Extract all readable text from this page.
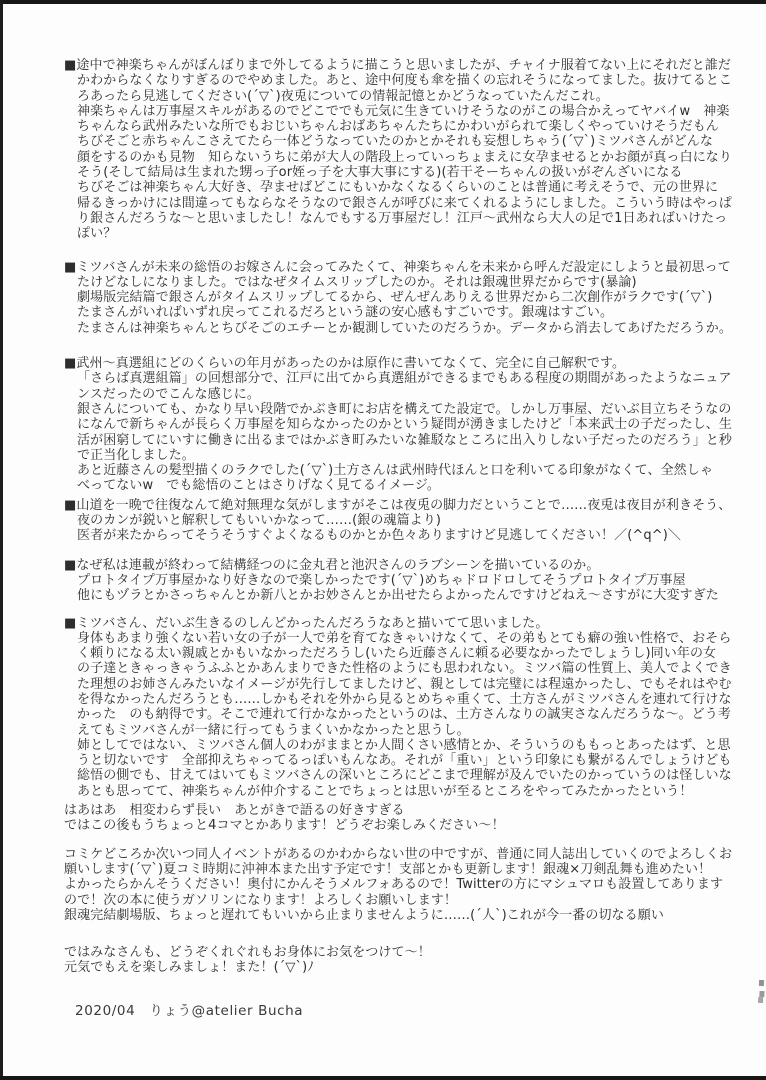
■途中で神楽ちゃんがぼんぼりまで外してるように描こうと思いましたが、チャイナ服着てない上にそれだと誰だ
かわからなくなりすぎるのでやめました。あと、途中何度も傘を描くの忘れそうになってました。抜けてるとこ
ろあったら見逃してください(´▽`)夜兎についての情報記憶とかどうなっていたんだこれ。
神楽ちゃんは万事屋スキルがあるのでどこででも元気に生きていけそうなのがこの場合かえってヤバイw　神楽
ちゃんなら武州みたいな所でもおじいちゃんおばあちゃんたちにかわいがられて楽しくやっていけそうだもん
ちびそごと赤ちゃんこさえてたら一体どうなっていたのかとかそれも妄想しちゃう(´▽`)ミツバさんがどんな
顔をするのかも見物　知らないうちに弟が大人の階段上っていっちょまえに女孕ませるとかお顔が真っ白になり
そう(そして結局は生まれた甥っ子or姪っ子を大事大事にする)(若干そーちゃんの扱いがぞんざいになる
ちびそごは神楽ちゃん大好き、孕ませばどこにもいかなくなるくらいのことは普通に考えそうで、元の世界に
帰るきっかけには間違ってもならなそうなので銀さんが呼びに来てくれるようにしました。こういう時はやっぱ
り銀さんだろうな〜と思いましたし！なんでもする万事屋だし！江戸〜武州なら大人の足で1日あればいけたっ
ぽい？
■ミツバさんが未来の総悟のお嫁さんに会ってみたくて、神楽ちゃんを未来から呼んだ設定にしようと最初思って
たけどなしになりました。ではなぜタイムスリップしたのか。それは銀魂世界だからです(暴論)
劇場版完結篇で銀さんがタイムスリップしてるから、ぜんぜんありえる世界だから二次創作がラクです(´▽`)
たまさんがいればいずれ戻ってこれるだろという謎の安心感もすごいです。銀魂はすごい。
たまさんは神楽ちゃんとちびそごのエチーとか観測していたのだろうか。データから消去してあげただろうか。
■武州〜真選組にどのくらいの年月があったのかは原作に書いてなくて、完全に自己解釈です。
「さらば真選組篇」の回想部分で、江戸に出てから真選組ができるまでもある程度の期間があったようなニュア
ンスだったのでこんな感じに。
銀さんについても、かなり早い段階でかぶき町にお店を構えてた設定で。しかし万事屋、だいぶ目立ちそうなの
になんで新ちゃんが長らく万事屋を知らなかったのかという疑問が湧きましたけど「本来武士の子だったし、生
活が困窮してにいすに働きに出るまではかぶき町みたいな雑駁なところに出入りしない子だったのだろう」と秒
で正当化しました。
あと近藤さんの髪型描くのラクでした(´▽`)土方さんは武州時代ほんと口を利いてる印象がなくて、全然しゃ
べってないw　でも総悟のことはさりげなく見てるイメージ。
■山道を一晩で往復なんて絶対無理な気がしますがそこは夜兎の脚力だということで……夜兎は夜目が利きそう、
夜のカンが鋭いと解釈してもいいかなって……(銀の魂篇より)
医者が来たからってそうそうすぐよくなるものかとか色々ありますけど見逃してください！／(^q^)＼
■なぜ私は連載が終わって結構経つのに金丸君と池沢さんのラブシーンを描いているのか。
プロトタイプ万事屋かなり好きなので楽しかったです(´▽`)めちゃドロドロしてそうプロトタイプ万事屋
他にもヅラとかさっちゃんとか新八とかお妙さんとか出せたらよかったんですけどねえ〜さすがに大変すぎた
■ミツバさん、だいぶ生きるのしんどかったんだろうなあと描いてて思いました。
身体もあまり強くない若い女の子が一人で弟を育てなきゃいけなくて、その弟もとても癖の強い性格で、おそら
く頼りになる太い親戚とかもいなかっただろうし(いたら近藤さんに頼る必要なかったでしょうし)同い年の女
の子達ときゃっきゃうふふとかあんまりできた性格のようにも思われない。ミツバ篇の性質上、美人でよくでき
た理想のお姉さんみたいなイメージが先行してましたけど、親としては完璧には程遠かったし、でもそれはやむ
を得なかったんだろうとも……しかもそれを外から見るとめちゃ重くて、土方さんがミツバさんを連れて行けな
かった　のも納得です。そこで連れて行かなかったというのは、土方さんなりの誠実さなんだろうな〜。どう考
えてもミツバさんが一緒に行ってもうまくいかなかったと思うし。
姉としてではない、ミツバさん個人のわがままとか人間くさい感情とか、そういうのももっとあったはず、と思
うと切ないです　全部抑えちゃってるっぽいもんなあ。それが「重い」という印象にも繋がるんでしょうけども
総悟の側でも、甘えてはいてもミツバさんの深いところにどこまで理解が及んでいたのかっていうのは怪しいな
あとも思ってて、神楽ちゃんが仲介することでちょっとは思いが至るところをやってみたかったという！
はあはあ　相変わらず長い　あとがきで語るの好きすぎる
ではこの後もうちょっと4コマとかあります！どうぞお楽しみください〜！
コミケどころか次いつ同人イベントがあるのかわからない世の中ですが、普通に同人誌出していくのでよろしくお
願いします(´▽`)夏コミ時期に沖神本また出す予定です！支部とかも更新します！銀魂×刀剣乱舞も進めたい！
よかったらかんそうください！奥付にかんそうメルフォあるので！Twitterの方にマシュマロも設置してあります
ので！次の本に使うガソリンになります！よろしくお願いします！
銀魂完結劇場版、ちょっと遅れてもいいから止まりませんように……(´人`)これが今一番の切なる願い
ではみなさんも、どうぞくれぐれもお身体にお気をつけて〜！
元気でもえを楽しみましょ！また！(´▽`)ﾉ
2020/04　りょう@atelier Bucha
